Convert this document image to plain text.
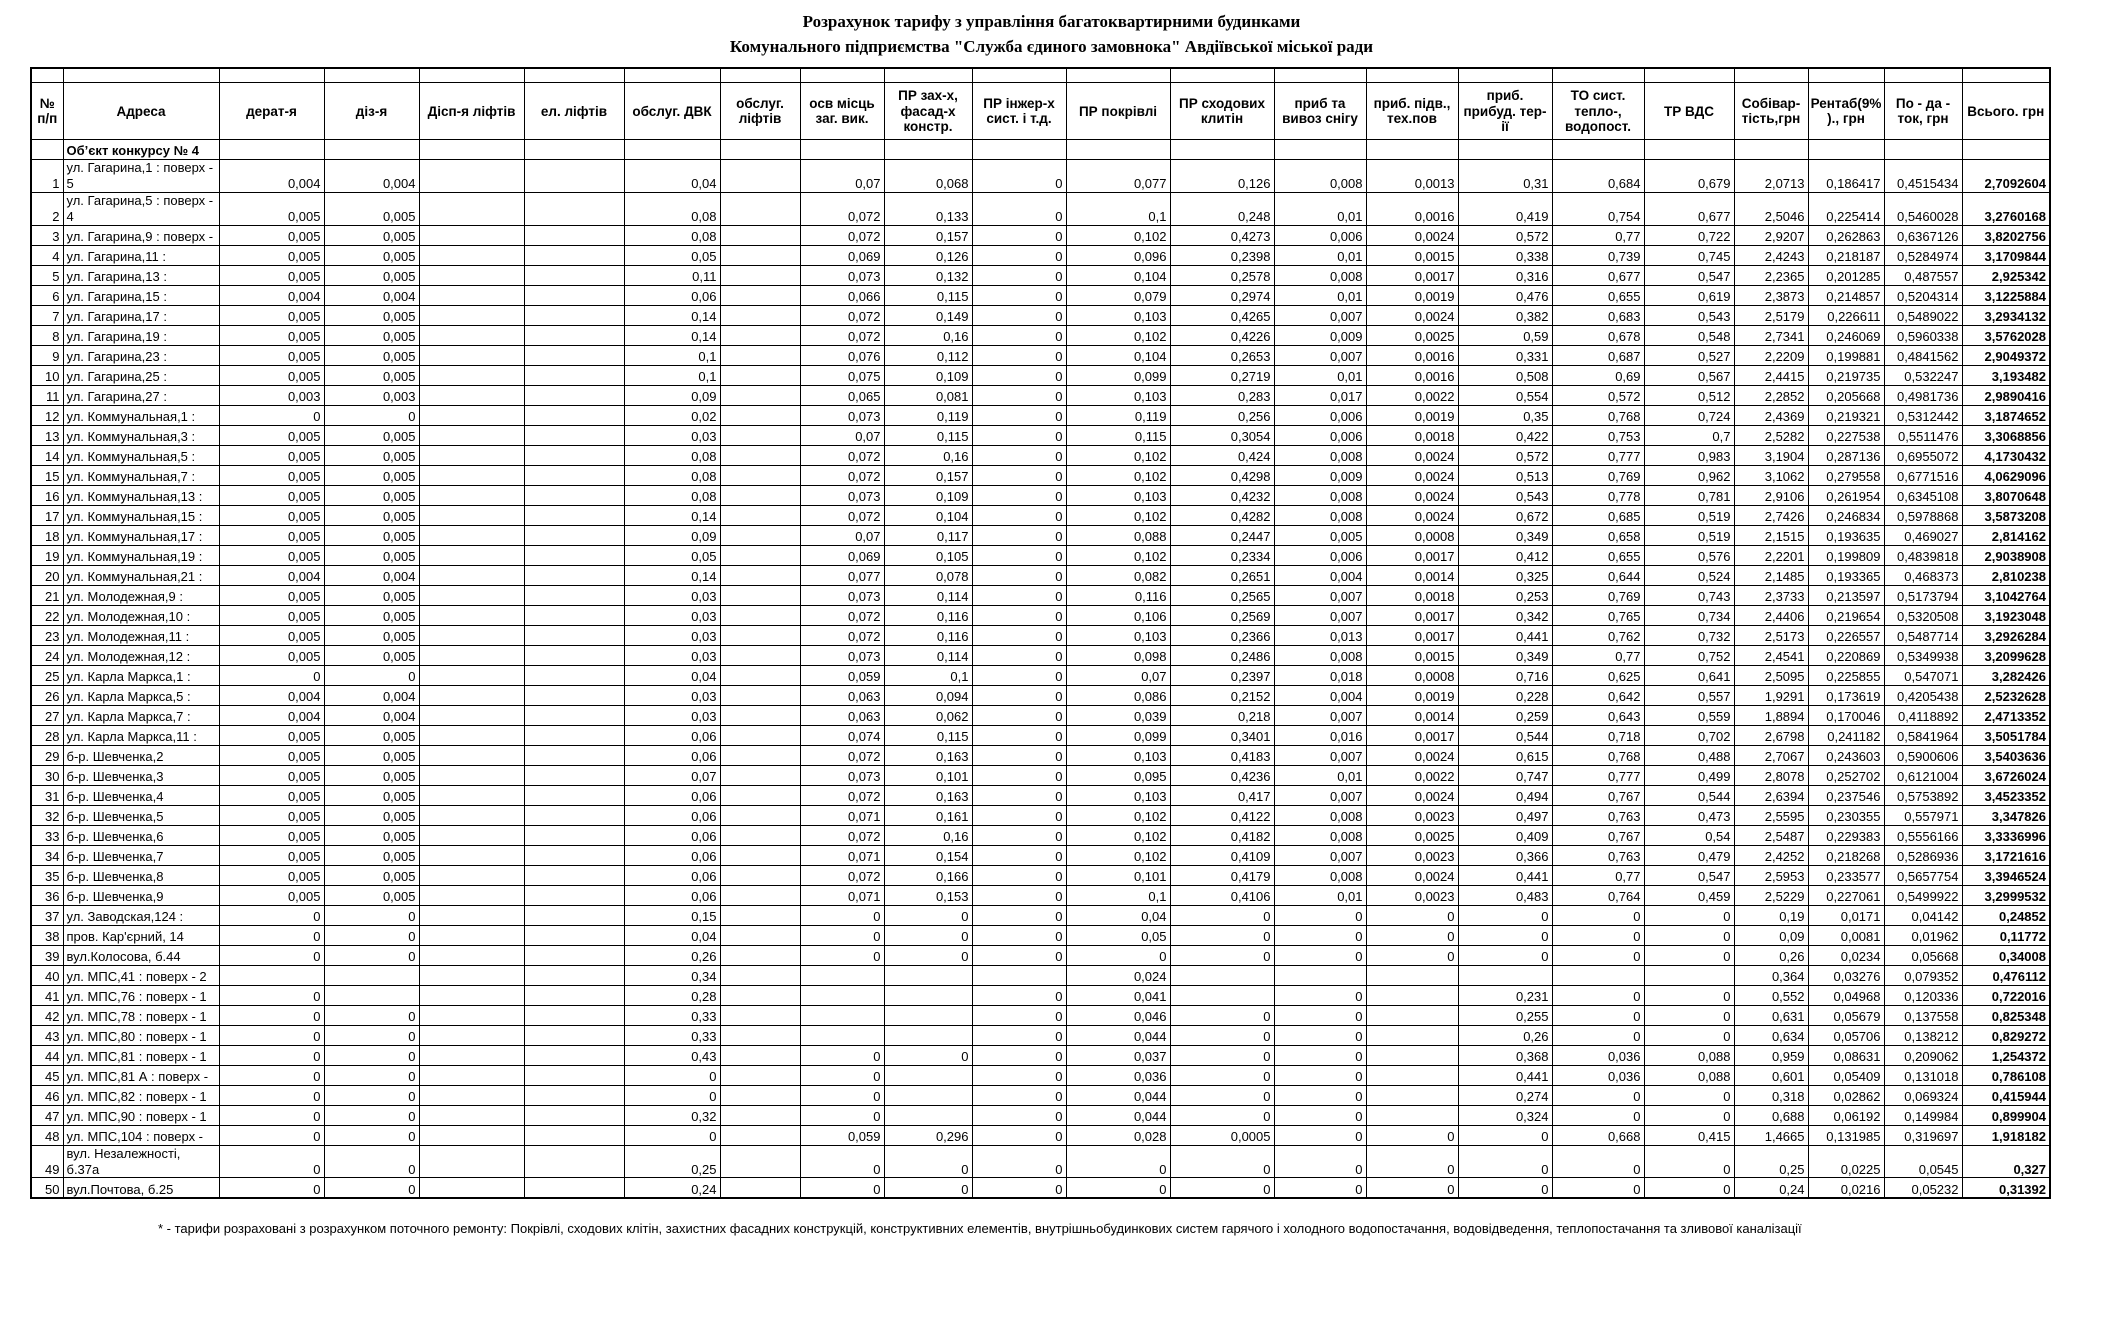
Розрахунок тарифу з управління багатоквартирними будинками
Комунального підприємства "Служба єдиного замовнока" Авдіївської міської ради

№ п/п	Адреса	дерат-я	діз-я	Дісп-я ліфтів	ел. ліфтів	обслуг. ДВК	обслуг. ліфтів	осв місць заг. вик.	ПР зах-х, фасад-х констр.	ПР інжер-х сист. і т.д.	ПР покрівлі	ПР сходових клитін	приб та вивоз снігу	приб. підв., тех.пов	приб. прибуд. тер-ії	ТО сист. тепло-, водопост.	ТР ВДС	Собівар-тість,грн	Рентаб(9%)., грн	По - да - ток, грн	Всього. грн
	Об’єкт конкурсу № 4																				
1	ул. Гагарина,1 : поверх - 5	0,004	0,004			0,04		0,07	0,068	0	0,077	0,126	0,008	0,0013	0,31	0,684	0,679	2,0713	0,186417	0,4515434	2,7092604
2	ул. Гагарина,5 : поверх - 4	0,005	0,005			0,08		0,072	0,133	0	0,1	0,248	0,01	0,0016	0,419	0,754	0,677	2,5046	0,225414	0,5460028	3,2760168
3	ул. Гагарина,9 : поверх -	0,005	0,005			0,08		0,072	0,157	0	0,102	0,4273	0,006	0,0024	0,572	0,77	0,722	2,9207	0,262863	0,6367126	3,8202756
4	ул. Гагарина,11 :	0,005	0,005			0,05		0,069	0,126	0	0,096	0,2398	0,01	0,0015	0,338	0,739	0,745	2,4243	0,218187	0,5284974	3,1709844
5	ул. Гагарина,13 :	0,005	0,005			0,11		0,073	0,132	0	0,104	0,2578	0,008	0,0017	0,316	0,677	0,547	2,2365	0,201285	0,487557	2,925342
6	ул. Гагарина,15 :	0,004	0,004			0,06		0,066	0,115	0	0,079	0,2974	0,01	0,0019	0,476	0,655	0,619	2,3873	0,214857	0,5204314	3,1225884
7	ул. Гагарина,17 :	0,005	0,005			0,14		0,072	0,149	0	0,103	0,4265	0,007	0,0024	0,382	0,683	0,543	2,5179	0,226611	0,5489022	3,2934132
8	ул. Гагарина,19 :	0,005	0,005			0,14		0,072	0,16	0	0,102	0,4226	0,009	0,0025	0,59	0,678	0,548	2,7341	0,246069	0,5960338	3,5762028
9	ул. Гагарина,23 :	0,005	0,005			0,1		0,076	0,112	0	0,104	0,2653	0,007	0,0016	0,331	0,687	0,527	2,2209	0,199881	0,4841562	2,9049372
10	ул. Гагарина,25 :	0,005	0,005			0,1		0,075	0,109	0	0,099	0,2719	0,01	0,0016	0,508	0,69	0,567	2,4415	0,219735	0,532247	3,193482
11	ул. Гагарина,27 :	0,003	0,003			0,09		0,065	0,081	0	0,103	0,283	0,017	0,0022	0,554	0,572	0,512	2,2852	0,205668	0,4981736	2,9890416
12	ул. Коммунальная,1 :	0	0			0,02		0,073	0,119	0	0,119	0,256	0,006	0,0019	0,35	0,768	0,724	2,4369	0,219321	0,5312442	3,1874652
13	ул. Коммунальная,3 :	0,005	0,005			0,03		0,07	0,115	0	0,115	0,3054	0,006	0,0018	0,422	0,753	0,7	2,5282	0,227538	0,5511476	3,3068856
14	ул. Коммунальная,5 :	0,005	0,005			0,08		0,072	0,16	0	0,102	0,424	0,008	0,0024	0,572	0,777	0,983	3,1904	0,287136	0,6955072	4,1730432
15	ул. Коммунальная,7 :	0,005	0,005			0,08		0,072	0,157	0	0,102	0,4298	0,009	0,0024	0,513	0,769	0,962	3,1062	0,279558	0,6771516	4,0629096
16	ул. Коммунальная,13 :	0,005	0,005			0,08		0,073	0,109	0	0,103	0,4232	0,008	0,0024	0,543	0,778	0,781	2,9106	0,261954	0,6345108	3,8070648
17	ул. Коммунальная,15 :	0,005	0,005			0,14		0,072	0,104	0	0,102	0,4282	0,008	0,0024	0,672	0,685	0,519	2,7426	0,246834	0,5978868	3,5873208
18	ул. Коммунальная,17 :	0,005	0,005			0,09		0,07	0,117	0	0,088	0,2447	0,005	0,0008	0,349	0,658	0,519	2,1515	0,193635	0,469027	2,814162
19	ул. Коммунальная,19 :	0,005	0,005			0,05		0,069	0,105	0	0,102	0,2334	0,006	0,0017	0,412	0,655	0,576	2,2201	0,199809	0,4839818	2,9038908
20	ул. Коммунальная,21 :	0,004	0,004			0,14		0,077	0,078	0	0,082	0,2651	0,004	0,0014	0,325	0,644	0,524	2,1485	0,193365	0,468373	2,810238
21	ул. Молодежная,9 :	0,005	0,005			0,03		0,073	0,114	0	0,116	0,2565	0,007	0,0018	0,253	0,769	0,743	2,3733	0,213597	0,5173794	3,1042764
22	ул. Молодежная,10 :	0,005	0,005			0,03		0,072	0,116	0	0,106	0,2569	0,007	0,0017	0,342	0,765	0,734	2,4406	0,219654	0,5320508	3,1923048
23	ул. Молодежная,11 :	0,005	0,005			0,03		0,072	0,116	0	0,103	0,2366	0,013	0,0017	0,441	0,762	0,732	2,5173	0,226557	0,5487714	3,2926284
24	ул. Молодежная,12 :	0,005	0,005			0,03		0,073	0,114	0	0,098	0,2486	0,008	0,0015	0,349	0,77	0,752	2,4541	0,220869	0,5349938	3,2099628
25	ул. Карла Маркса,1 :	0	0			0,04		0,059	0,1	0	0,07	0,2397	0,018	0,0008	0,716	0,625	0,641	2,5095	0,225855	0,547071	3,282426
26	ул. Карла Маркса,5 :	0,004	0,004			0,03		0,063	0,094	0	0,086	0,2152	0,004	0,0019	0,228	0,642	0,557	1,9291	0,173619	0,4205438	2,5232628
27	ул. Карла Маркса,7 :	0,004	0,004			0,03		0,063	0,062	0	0,039	0,218	0,007	0,0014	0,259	0,643	0,559	1,8894	0,170046	0,4118892	2,4713352
28	ул. Карла Маркса,11 :	0,005	0,005			0,06		0,074	0,115	0	0,099	0,3401	0,016	0,0017	0,544	0,718	0,702	2,6798	0,241182	0,5841964	3,5051784
29	б-р. Шевченка,2	0,005	0,005			0,06		0,072	0,163	0	0,103	0,4183	0,007	0,0024	0,615	0,768	0,488	2,7067	0,243603	0,5900606	3,5403636
30	б-р. Шевченка,3	0,005	0,005			0,07		0,073	0,101	0	0,095	0,4236	0,01	0,0022	0,747	0,777	0,499	2,8078	0,252702	0,6121004	3,6726024
31	б-р. Шевченка,4	0,005	0,005			0,06		0,072	0,163	0	0,103	0,417	0,007	0,0024	0,494	0,767	0,544	2,6394	0,237546	0,5753892	3,4523352
32	б-р. Шевченка,5	0,005	0,005			0,06		0,071	0,161	0	0,102	0,4122	0,008	0,0023	0,497	0,763	0,473	2,5595	0,230355	0,557971	3,347826
33	б-р. Шевченка,6	0,005	0,005			0,06		0,072	0,16	0	0,102	0,4182	0,008	0,0025	0,409	0,767	0,54	2,5487	0,229383	0,5556166	3,3336996
34	б-р. Шевченка,7	0,005	0,005			0,06		0,071	0,154	0	0,102	0,4109	0,007	0,0023	0,366	0,763	0,479	2,4252	0,218268	0,5286936	3,1721616
35	б-р. Шевченка,8	0,005	0,005			0,06		0,072	0,166	0	0,101	0,4179	0,008	0,0024	0,441	0,77	0,547	2,5953	0,233577	0,5657754	3,3946524
36	б-р. Шевченка,9	0,005	0,005			0,06		0,071	0,153	0	0,1	0,4106	0,01	0,0023	0,483	0,764	0,459	2,5229	0,227061	0,5499922	3,2999532
37	ул. Заводская,124 :	0	0			0,15		0	0	0	0,04	0	0	0	0	0	0	0,19	0,0171	0,04142	0,24852
38	пров. Кар'єрний, 14	0	0			0,04		0	0	0	0,05	0	0	0	0	0	0	0,09	0,0081	0,01962	0,11772
39	вул.Колосова, б.44	0	0			0,26		0	0	0	0	0	0	0	0	0	0	0,26	0,0234	0,05668	0,34008
40	ул. МПС,41 : поверх - 2					0,34					0,024							0,364	0,03276	0,079352	0,476112
41	ул. МПС,76 : поверх - 1	0				0,28				0	0,041		0		0,231	0	0	0,552	0,04968	0,120336	0,722016
42	ул. МПС,78 : поверх - 1	0	0			0,33				0	0,046	0	0		0,255	0	0	0,631	0,05679	0,137558	0,825348
43	ул. МПС,80 : поверх - 1	0	0			0,33				0	0,044	0	0		0,26	0	0	0,634	0,05706	0,138212	0,829272
44	ул. МПС,81 : поверх - 1	0	0			0,43		0	0	0	0,037	0	0		0,368	0,036	0,088	0,959	0,08631	0,209062	1,254372
45	ул. МПС,81 А : поверх -	0	0			0		0		0	0,036	0	0		0,441	0,036	0,088	0,601	0,05409	0,131018	0,786108
46	ул. МПС,82 : поверх - 1	0	0			0		0		0	0,044	0	0		0,274	0	0	0,318	0,02862	0,069324	0,415944
47	ул. МПС,90 : поверх - 1	0	0			0,32		0		0	0,044	0	0		0,324	0	0	0,688	0,06192	0,149984	0,899904
48	ул. МПС,104 : поверх -	0	0			0		0,059	0,296	0	0,028	0,0005	0	0	0	0,668	0,415	1,4665	0,131985	0,319697	1,918182
49	вул. Незалежності, б.37а	0	0			0,25		0	0	0	0	0	0	0	0	0	0	0,25	0,0225	0,0545	0,327
50	вул.Почтова, б.25	0	0			0,24		0	0	0	0	0	0	0	0	0	0	0,24	0,0216	0,05232	0,31392
* - тарифи розраховані з розрахунком поточного ремонту: Покрівлі, сходових клітін, захистних фасадних конструкцій, конструктивних елементів, внутрішньобудинкових систем гарячого і холодного водопостачання, водовідведення, теплопостачання та зливової каналізації
